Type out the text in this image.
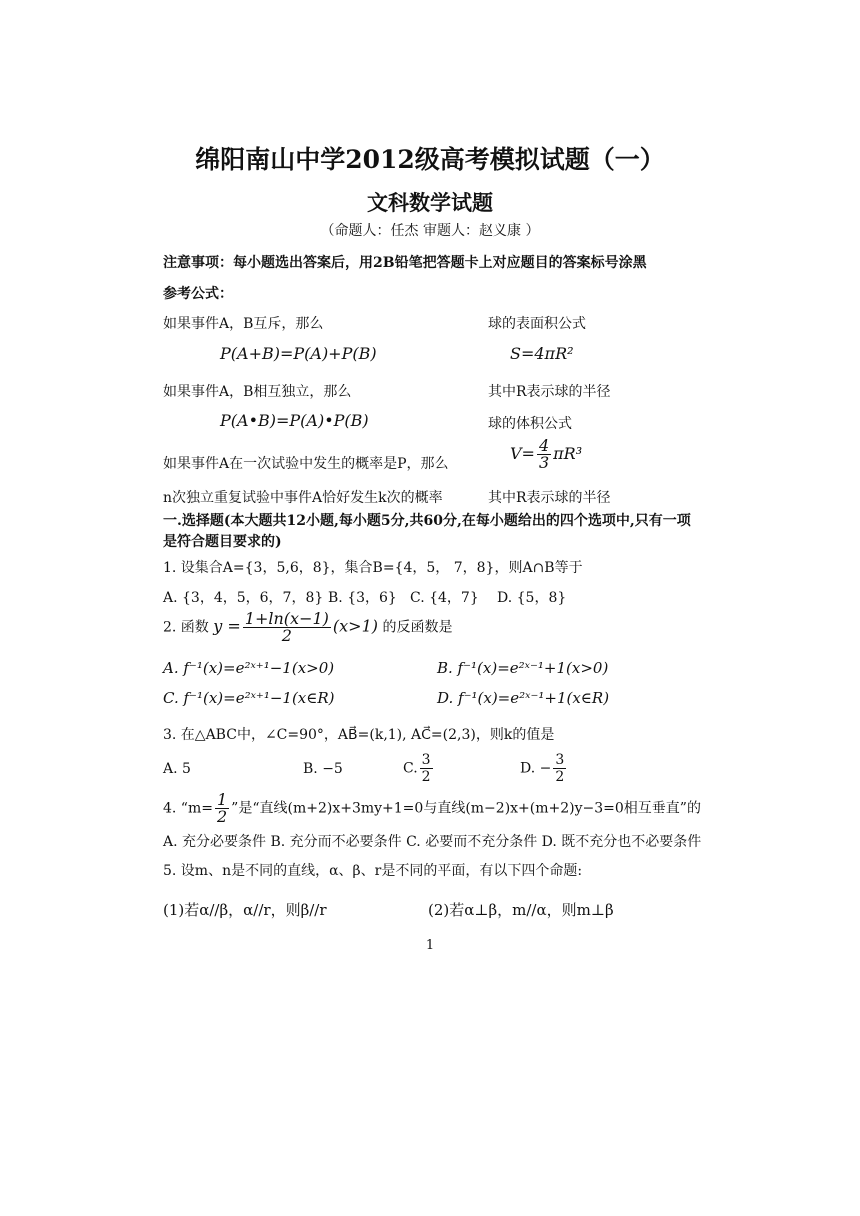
绵阳南山中学2012级高考模拟试题（一）
文科数学试题
（命题人：任杰 审题人：赵义康 ）
注意事项：每小题选出答案后，用2B铅笔把答题卡上对应题目的答案标号涂黑
参考公式：
如果事件A，B互斥，那么
P(A+B)=P(A)+P(B)
如果事件A，B相互独立，那么
P(A•B)=P(A)•P(B)
如果事件A在一次试验中发生的概率是P，那么
n次独立重复试验中事件A恰好发生k次的概率
球的表面积公式
S=4πR²
其中R表示球的半径
球的体积公式
$V= \frac{4}{3} \pi R^3$
其中R表示球的半径
一.选择题(本大题共12小题,每小题5分,共60分,在每小题给出的四个选项中,只有一项是符合题目要求的)
1. 设集合A={3，5,6，8}，集合B={4，5， 7，8}，则A∩B等于
A. {3，4，5，6，7，8} B. {3，6} C. {4，7} D. {5，8}
2. 函数 $y = \frac{1+\ln(x-1)}{2} (x>1)$ 的反函数是
A. f⁻¹(x)=e²ˣ⁺¹−1(x>0)	B. f⁻¹(x)=e²ˣ⁻¹+1(x>0)
C. f⁻¹(x)=e²ˣ⁺¹−1(x∈R)	D. f⁻¹(x)=e²ˣ⁻¹+1(x∈R)
3. 在△ABC中，∠C=90°，AB⃗=(k,1), AC⃗=(2,3)，则k的值是
A. 5	B. −5	C. $\frac{3}{2}$	D. − $\frac{3}{2}$
4. “$m= \frac{1}{2}$ ”是“直线(m+2)x+3my+1=0与直线(m−2)x+(m+2)y−3=0相互垂直”的
A. 充分必要条件 B. 充分而不必要条件 C. 必要而不充分条件 D. 既不充分也不必要条件
5. 设m、n是不同的直线，α、β、r是不同的平面，有以下四个命题:
(1)若α//β，α//r，则β//r	(2)若α⊥β，m//α，则m⊥β
1
